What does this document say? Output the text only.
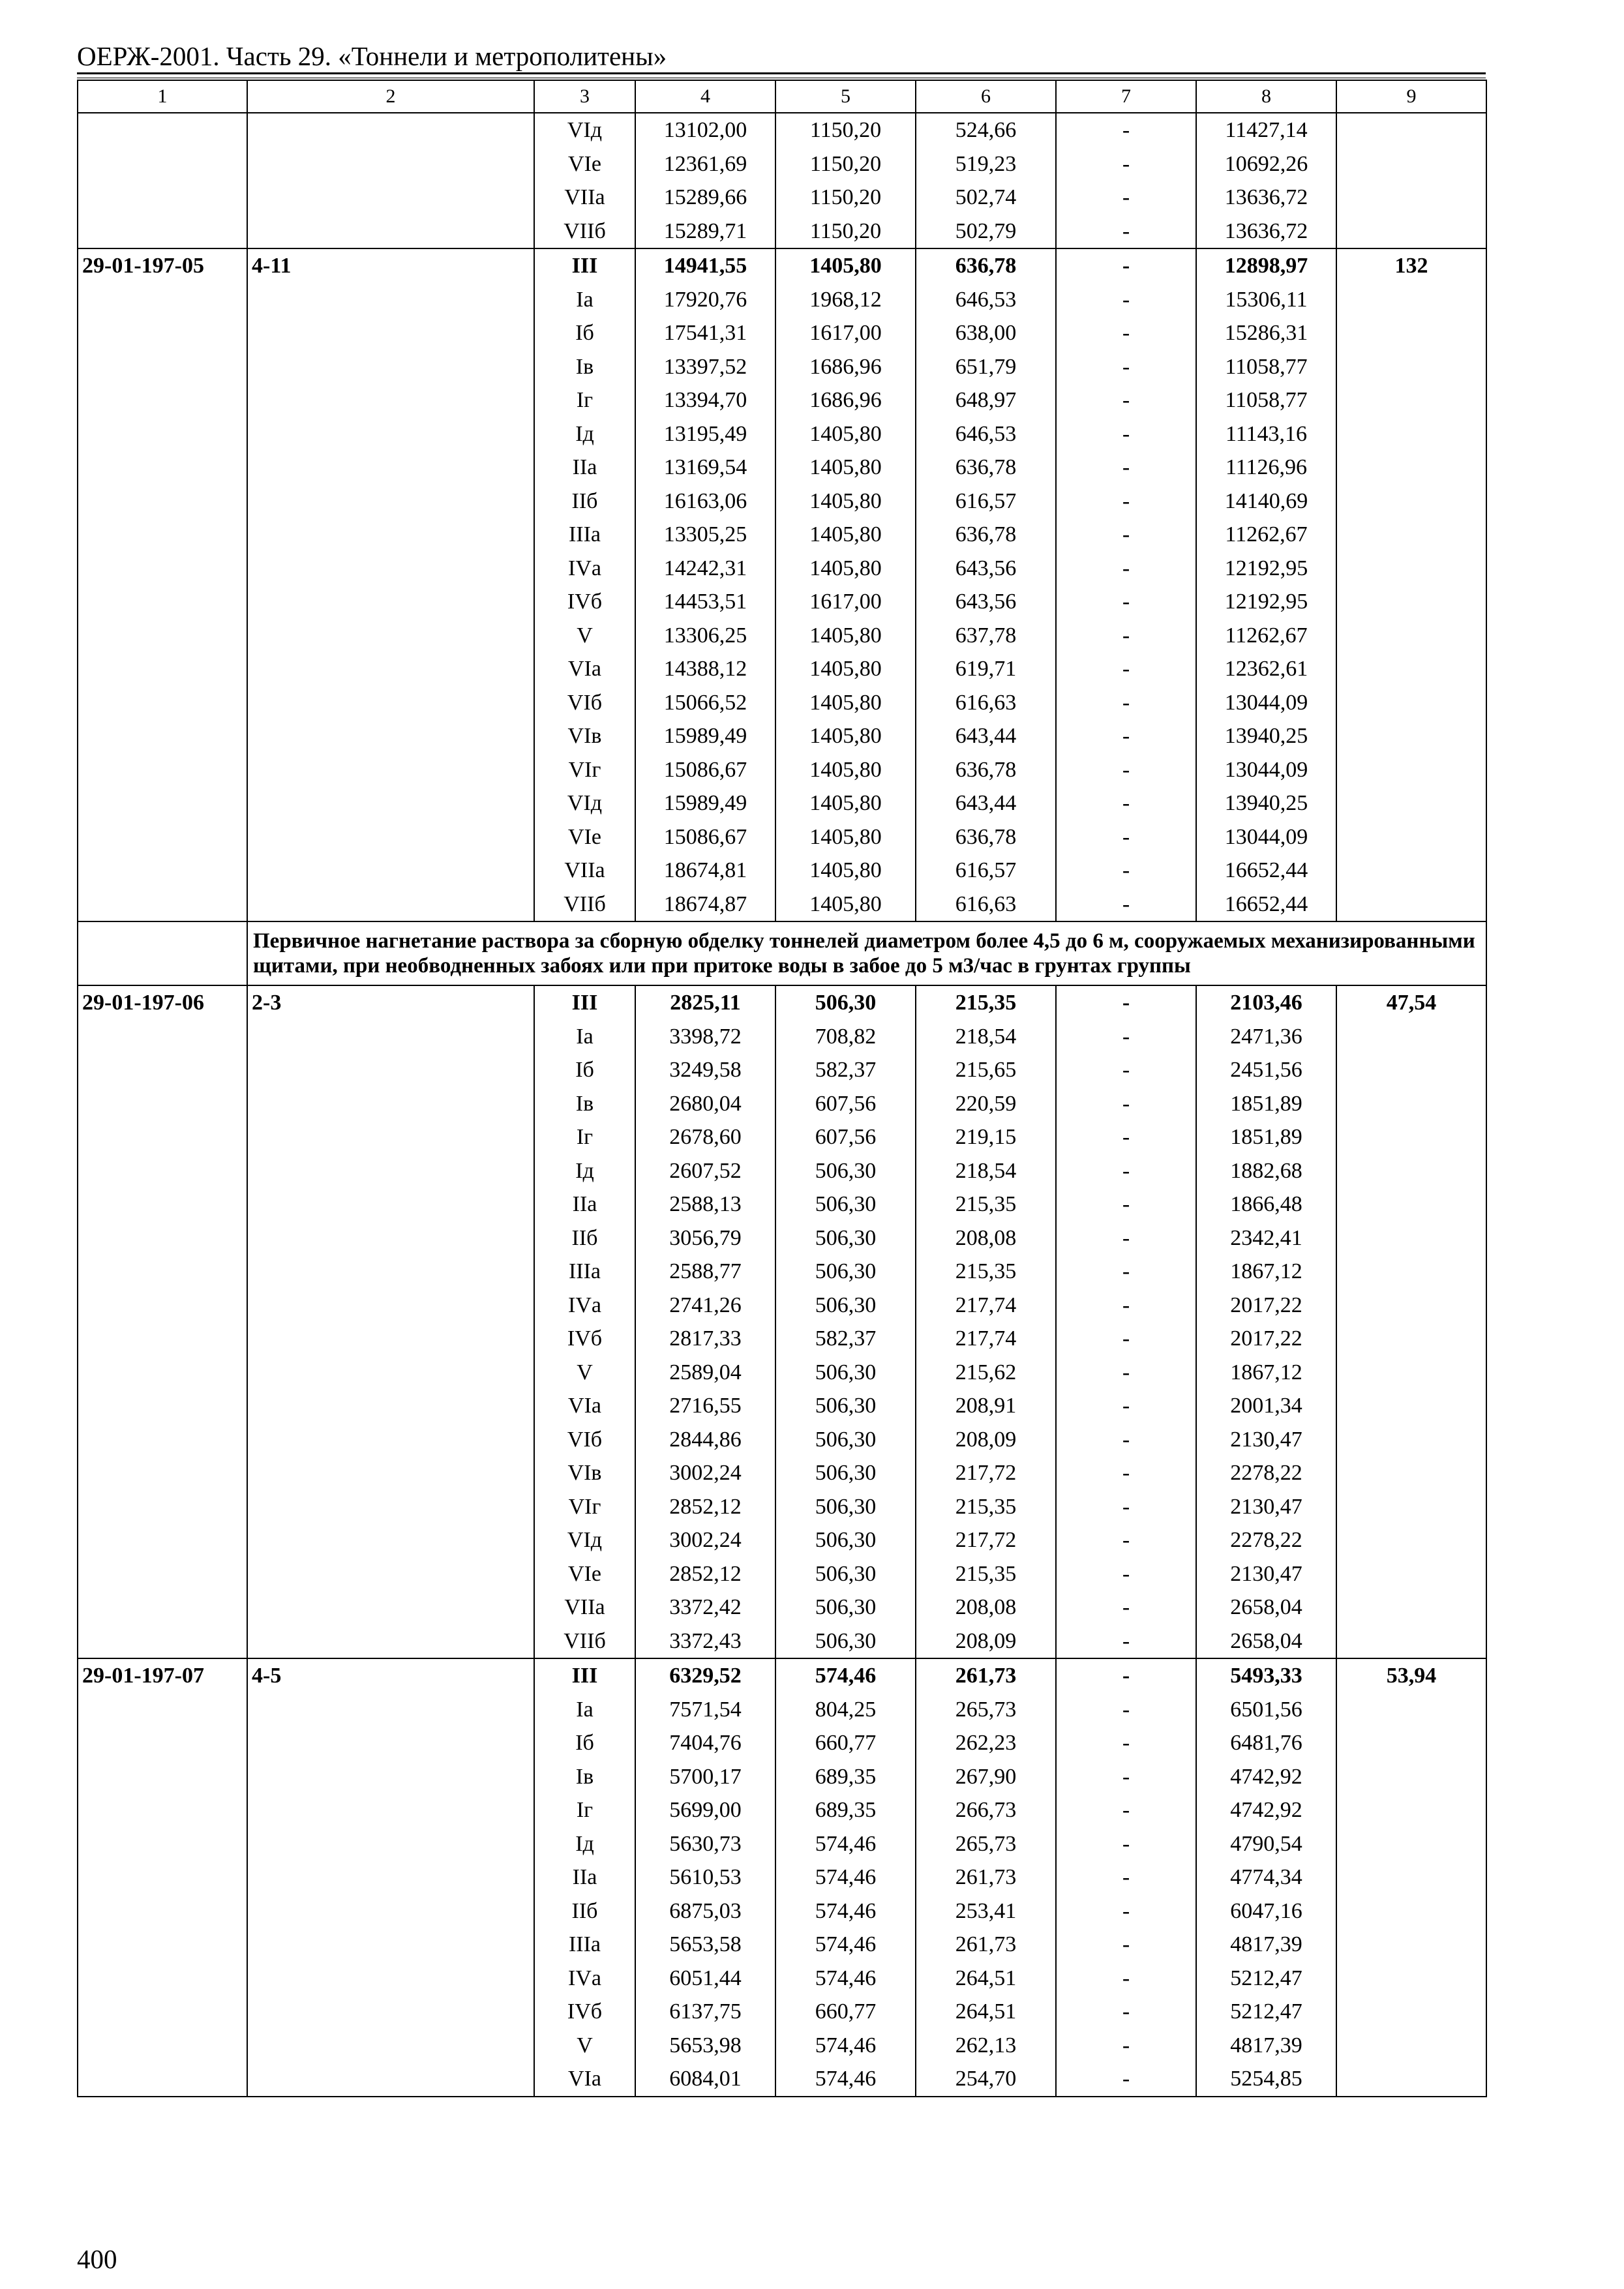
ОЕРЖ-2001. Часть 29. «Тоннели и метрополитены»
1	2	3	4	5	6	7	8	9
		VIд	13102,00	1150,20	524,66	-	11427,14	
		VIе	12361,69	1150,20	519,23	-	10692,26	
		VIIа	15289,66	1150,20	502,74	-	13636,72	
		VIIб	15289,71	1150,20	502,79	-	13636,72	
29-01-197-05	4-11	III	14941,55	1405,80	636,78	-	12898,97	132
		Iа	17920,76	1968,12	646,53	-	15306,11	
		Iб	17541,31	1617,00	638,00	-	15286,31	
		Iв	13397,52	1686,96	651,79	-	11058,77	
		Iг	13394,70	1686,96	648,97	-	11058,77	
		Iд	13195,49	1405,80	646,53	-	11143,16	
		IIа	13169,54	1405,80	636,78	-	11126,96	
		IIб	16163,06	1405,80	616,57	-	14140,69	
		IIIа	13305,25	1405,80	636,78	-	11262,67	
		IVа	14242,31	1405,80	643,56	-	12192,95	
		IVб	14453,51	1617,00	643,56	-	12192,95	
		V	13306,25	1405,80	637,78	-	11262,67	
		VIа	14388,12	1405,80	619,71	-	12362,61	
		VIб	15066,52	1405,80	616,63	-	13044,09	
		VIв	15989,49	1405,80	643,44	-	13940,25	
		VIг	15086,67	1405,80	636,78	-	13044,09	
		VIд	15989,49	1405,80	643,44	-	13940,25	
		VIе	15086,67	1405,80	636,78	-	13044,09	
		VIIа	18674,81	1405,80	616,57	-	16652,44	
		VIIб	18674,87	1405,80	616,63	-	16652,44	
	Первичное нагнетание раствора за сборную обделку тоннелей диаметром более 4,5 до 6 м, сооружаемых механизированными щитами, при необводненных забоях или при притоке воды в забое до 5 м3/час в грунтах группы							
29-01-197-06	2-3	III	2825,11	506,30	215,35	-	2103,46	47,54
		Iа	3398,72	708,82	218,54	-	2471,36	
		Iб	3249,58	582,37	215,65	-	2451,56	
		Iв	2680,04	607,56	220,59	-	1851,89	
		Iг	2678,60	607,56	219,15	-	1851,89	
		Iд	2607,52	506,30	218,54	-	1882,68	
		IIа	2588,13	506,30	215,35	-	1866,48	
		IIб	3056,79	506,30	208,08	-	2342,41	
		IIIа	2588,77	506,30	215,35	-	1867,12	
		IVа	2741,26	506,30	217,74	-	2017,22	
		IVб	2817,33	582,37	217,74	-	2017,22	
		V	2589,04	506,30	215,62	-	1867,12	
		VIа	2716,55	506,30	208,91	-	2001,34	
		VIб	2844,86	506,30	208,09	-	2130,47	
		VIв	3002,24	506,30	217,72	-	2278,22	
		VIг	2852,12	506,30	215,35	-	2130,47	
		VIд	3002,24	506,30	217,72	-	2278,22	
		VIе	2852,12	506,30	215,35	-	2130,47	
		VIIа	3372,42	506,30	208,08	-	2658,04	
		VIIб	3372,43	506,30	208,09	-	2658,04	
29-01-197-07	4-5	III	6329,52	574,46	261,73	-	5493,33	53,94
		Iа	7571,54	804,25	265,73	-	6501,56	
		Iб	7404,76	660,77	262,23	-	6481,76	
		Iв	5700,17	689,35	267,90	-	4742,92	
		Iг	5699,00	689,35	266,73	-	4742,92	
		Iд	5630,73	574,46	265,73	-	4790,54	
		IIа	5610,53	574,46	261,73	-	4774,34	
		IIб	6875,03	574,46	253,41	-	6047,16	
		IIIа	5653,58	574,46	261,73	-	4817,39	
		IVа	6051,44	574,46	264,51	-	5212,47	
		IVб	6137,75	660,77	264,51	-	5212,47	
		V	5653,98	574,46	262,13	-	4817,39	
		VIа	6084,01	574,46	254,70	-	5254,85	
400
